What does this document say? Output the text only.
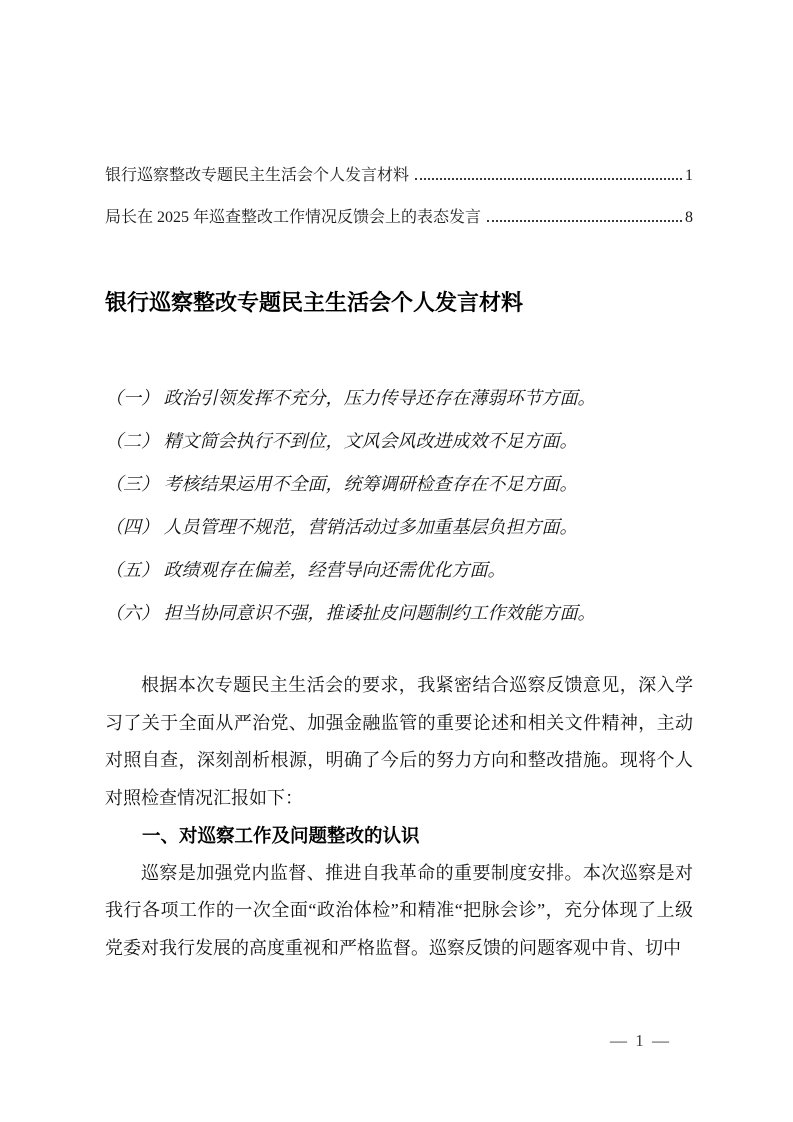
银行巡察整改专题民主生活会个人发言材料	1
局长在 2025 年巡查整改工作情况反馈会上的表态发言	8
银行巡察整改专题民主生活会个人发言材料

（一） 政治引领发挥不充分，压力传导还存在薄弱环节方面。

（二） 精文简会执行不到位，文风会风改进成效不足方面。

（三） 考核结果运用不全面，统筹调研检查存在不足方面。

（四） 人员管理不规范，营销活动过多加重基层负担方面。

（五） 政绩观存在偏差，经营导向还需优化方面。

（六） 担当协同意识不强，推诿扯皮问题制约工作效能方面。

根据本次专题民主生活会的要求，我紧密结合巡察反馈意见，深入学习了关于全面从严治党、加强金融监管的重要论述和相关文件精神，主动对照自查，深刻剖析根源，明确了今后的努力方向和整改措施。现将个人对照检查情况汇报如下：

一、对巡察工作及问题整改的认识

巡察是加强党内监督、推进自我革命的重要制度安排。本次巡察是对我行各项工作的一次全面“政治体检”和精准“把脉会诊”，充分体现了上级党委对我行发展的高度重视和严格监督。巡察反馈的问题客观中肯、切中

— 1 —
